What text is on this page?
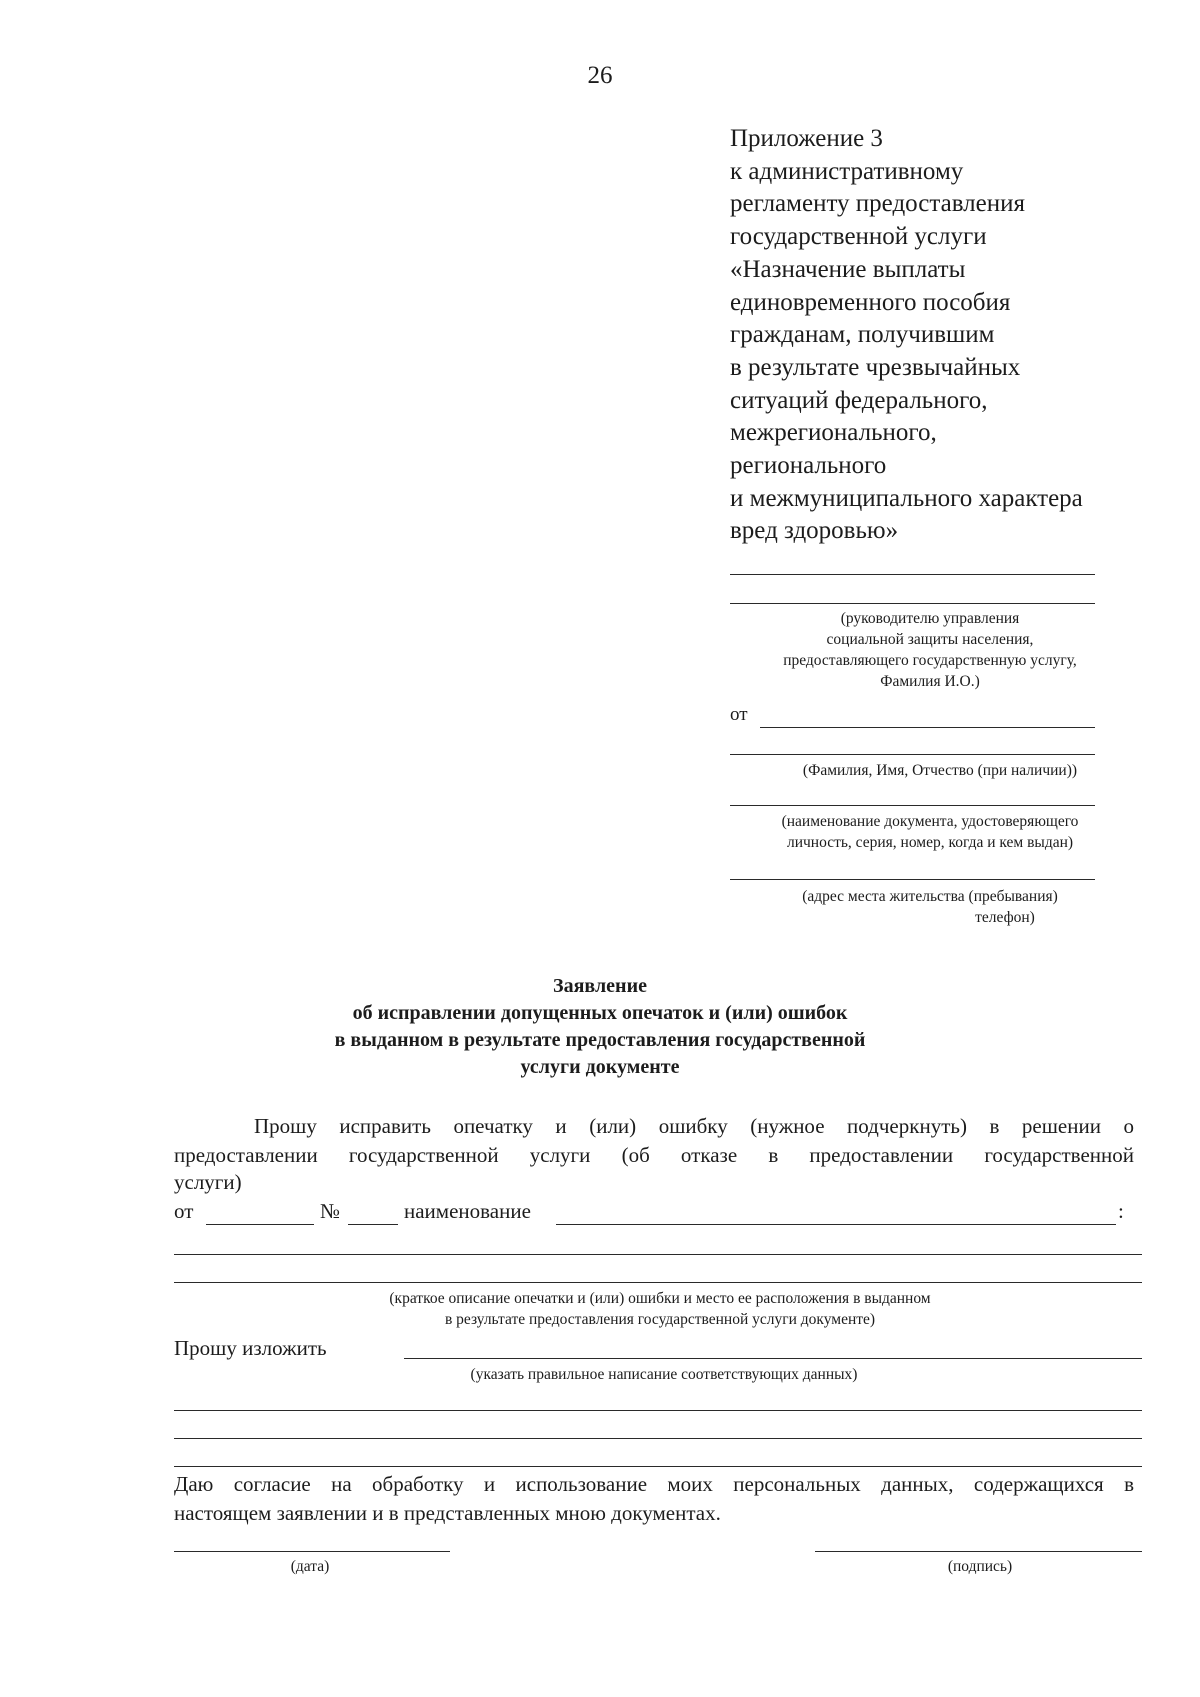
26
Приложение 3
к административному
регламенту предоставления
государственной услуги
«Назначение выплаты
единовременного пособия
гражданам, получившим
в результате чрезвычайных
ситуаций федерального,
межрегионального,
регионального
и межмуниципального характера
вред здоровью»
(руководителю управления
социальной защиты населения,
предоставляющего государственную услугу,
Фамилия И.О.)
от
(Фамилия, Имя, Отчество (при наличии))
(наименование документа, удостоверяющего
личность, серия, номер, когда и кем выдан)
(адрес места жительства (пребывания)
телефон)
Заявление
об исправлении допущенных опечаток и (или) ошибок
в выданном в результате предоставления государственной
услуги документе
Прошу исправить опечатку и (или) ошибку (нужное подчеркнуть) в решении о
предоставлении государственной услуги (об отказе в предоставлении государственной
услуги)
от	№	наименование	:
(краткое описание опечатки и (или) ошибки и место ее расположения в выданном
в результате предоставления государственной услуги документе)
Прошу изложить
(указать правильное написание соответствующих данных)
Даю согласие на обработку и использование моих персональных данных, содержащихся в
настоящем заявлении и в представленных мною документах.
(дата)	(подпись)
